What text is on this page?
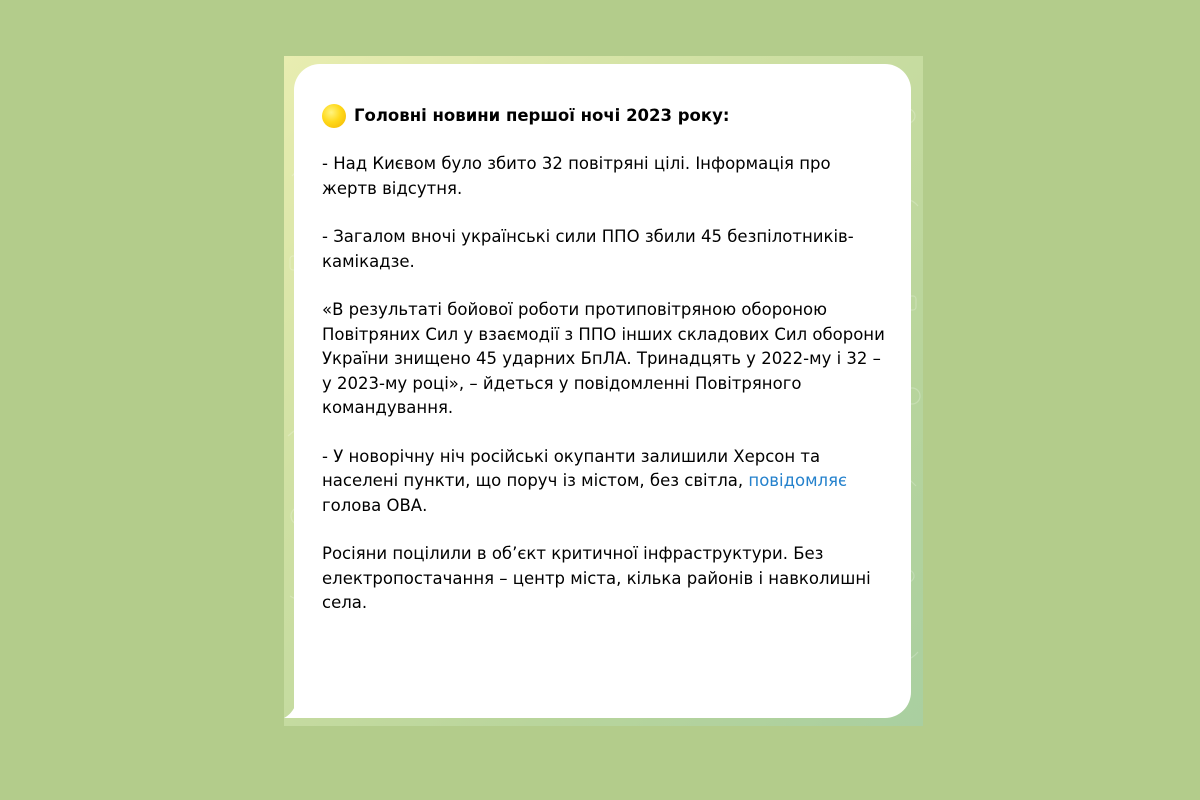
Головні новини першої ночі 2023 року:

- Над Києвом було збито 32 повітряні цілі. Інформація про жертв відсутня.

- Загалом вночі українські сили ППО збили 45 безпілотників-камікадзе.

«В результаті бойової роботи протиповітряною обороною Повітряних Сил у взаємодії з ППО інших складових Сил оборони України знищено 45 ударних БпЛА. Тринадцять у 2022-му і 32 – у 2023-му році», – йдеться у повідомленні Повітряного командування.

- У новорічну ніч російські окупанти залишили Херсон та населені пункти, що поруч із містом, без світла, повідомляє голова ОВА.

Росіяни поцілили в об’єкт критичної інфраструктури. Без електропостачання – центр міста, кілька районів і навколишні села.
